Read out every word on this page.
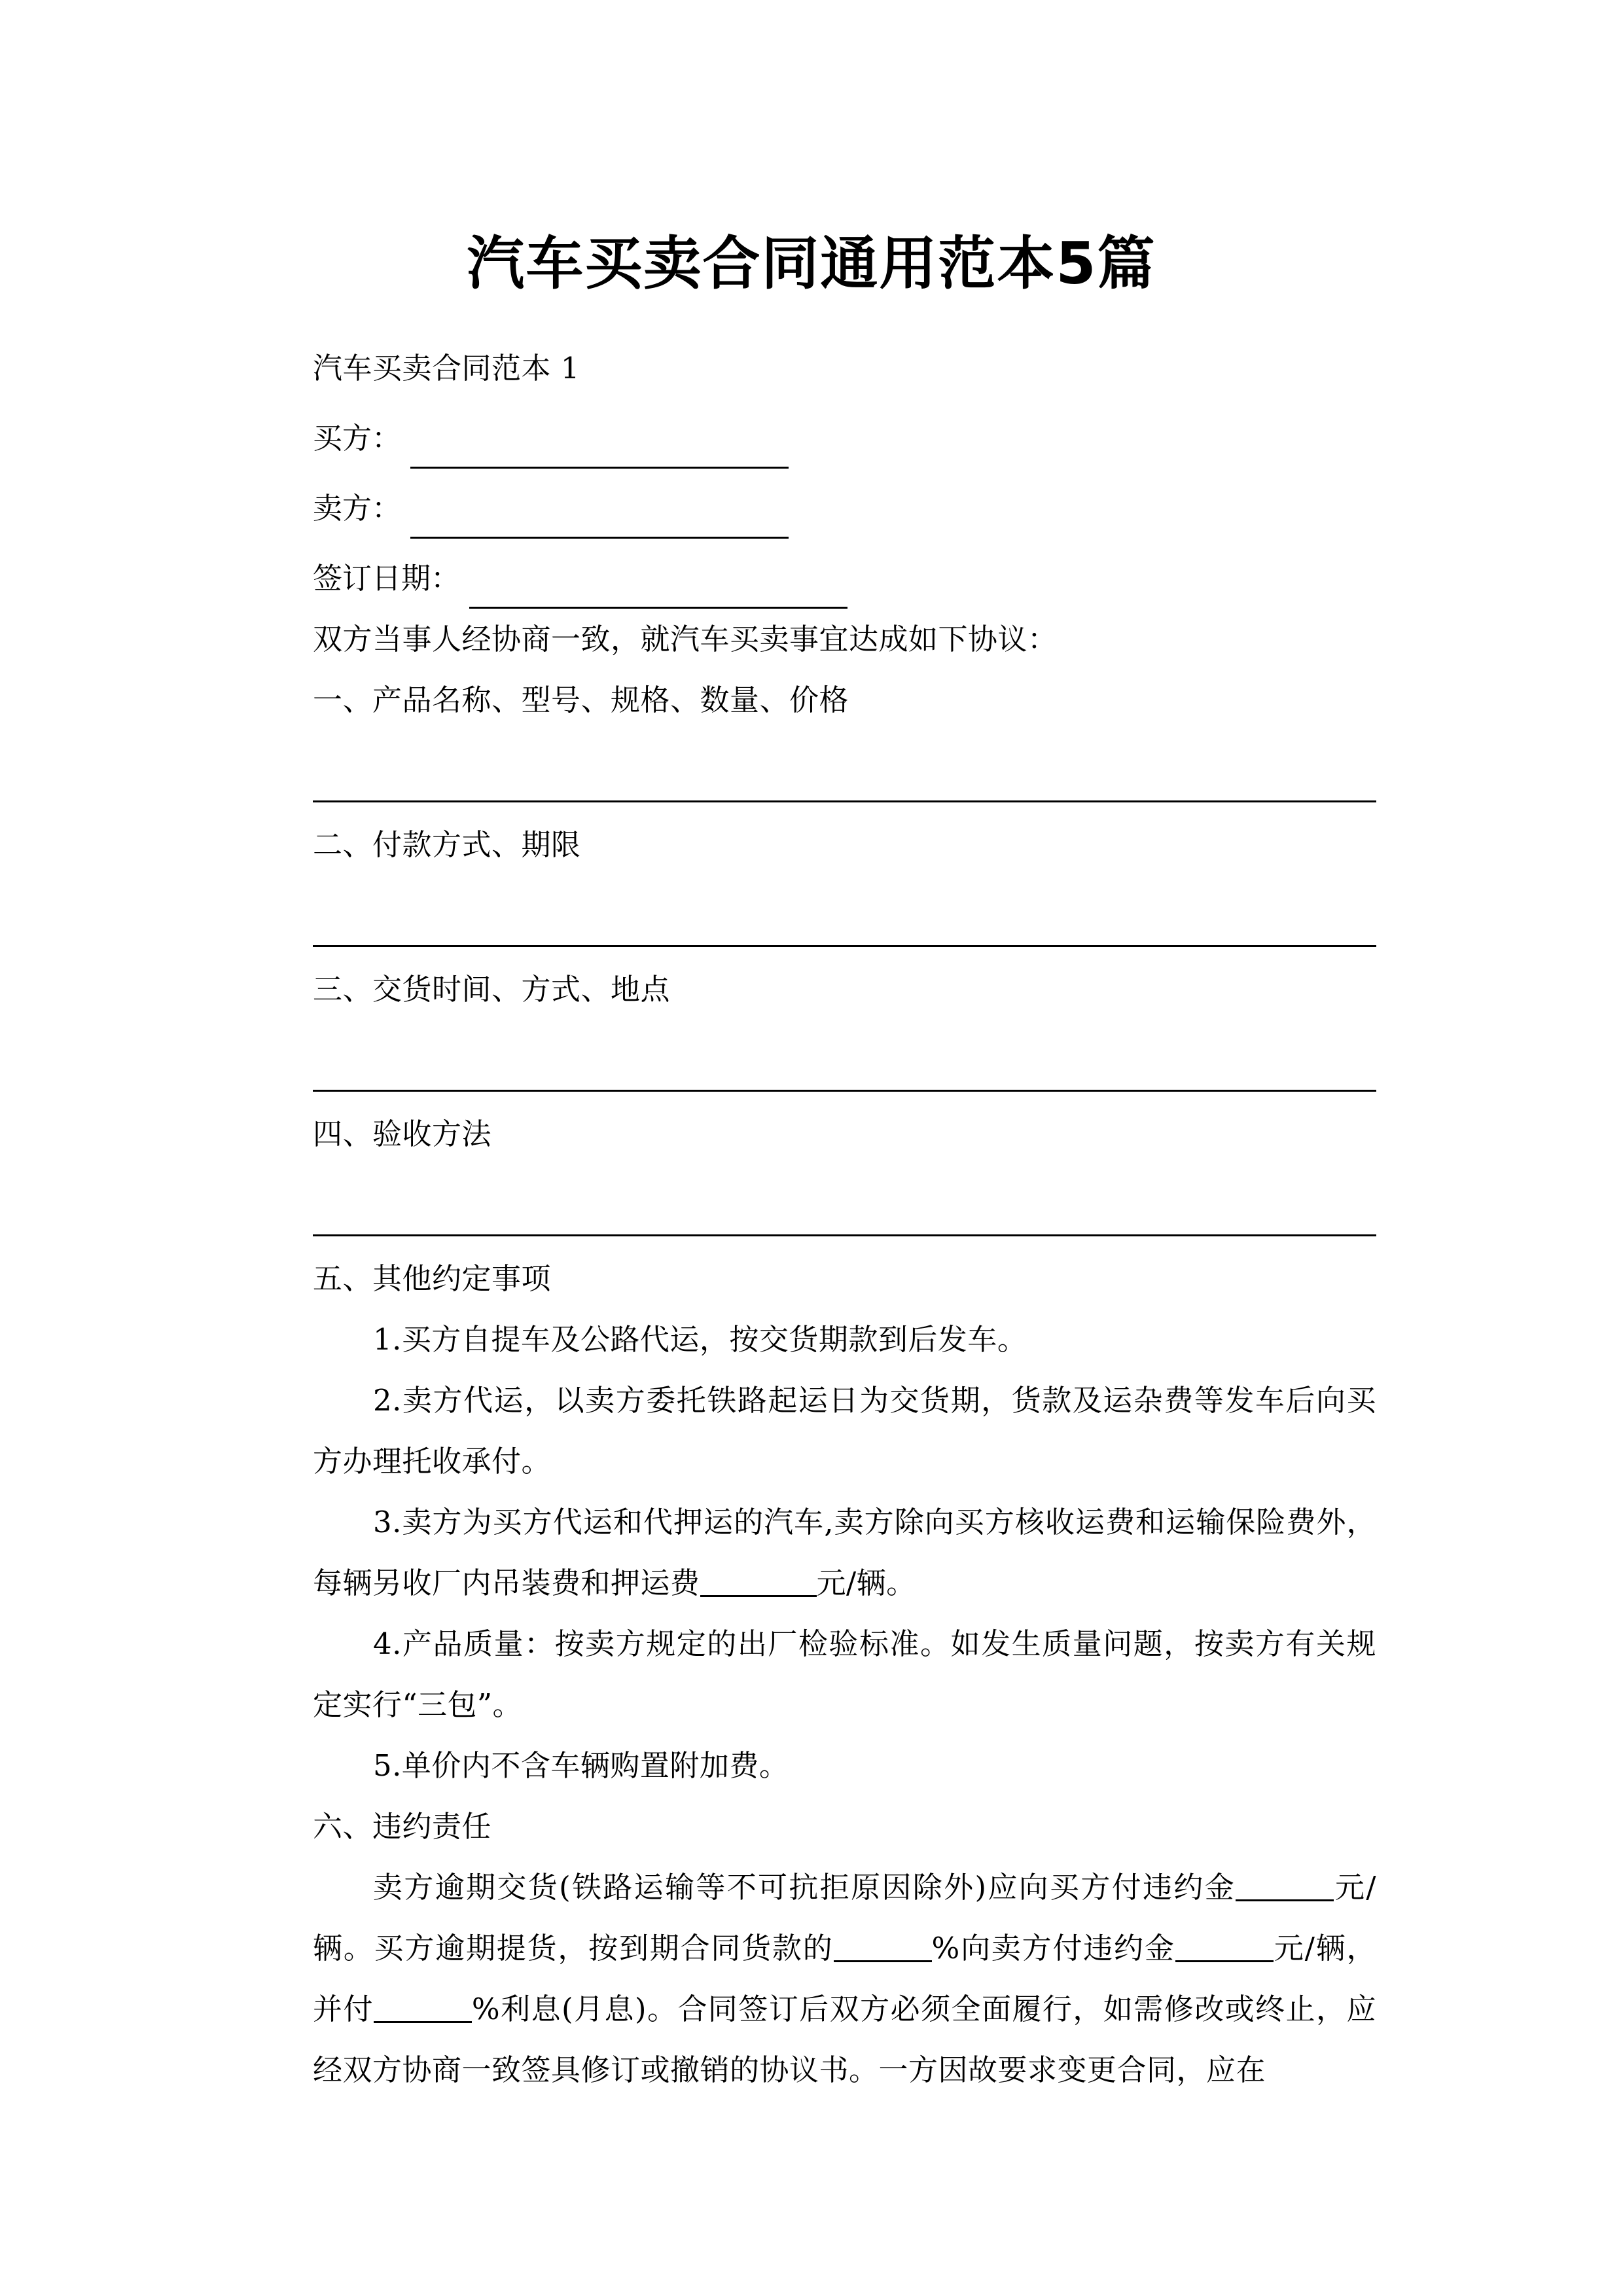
汽车买卖合同通用范本5篇

汽车买卖合同范本 1

买方：
卖方：
签订日期：

双方当事人经协商一致，就汽车买卖事宜达成如下协议：

一、产品名称、型号、规格、数量、价格

二、付款方式、期限

三、交货时间、方式、地点

四、验收方法

五、其他约定事项

1.买方自提车及公路代运，按交货期款到后发车。

2.卖方代运，以卖方委托铁路起运日为交货期，货款及运杂费等发车后向买方办理托收承付。

3.卖方为买方代运和代押运的汽车,卖方除向买方核收运费和运输保险费外，每辆另收厂内吊装费和押运费	元/辆。

4.产品质量：按卖方规定的出厂检验标准。如发生质量问题，按卖方有关规定实行“三包”。

5.单价内不含车辆购置附加费。

六、违约责任

卖方逾期交货(铁路运输等不可抗拒原因除外)应向买方付违约金	元/辆。买方逾期提货，按到期合同货款的	%向卖方付违约金	元/辆，并付	%利息(月息)。合同签订后双方必须全面履行，如需修改或终止，应经双方协商一致签具修订或撤销的协议书。一方因故要求变更合同，应在
